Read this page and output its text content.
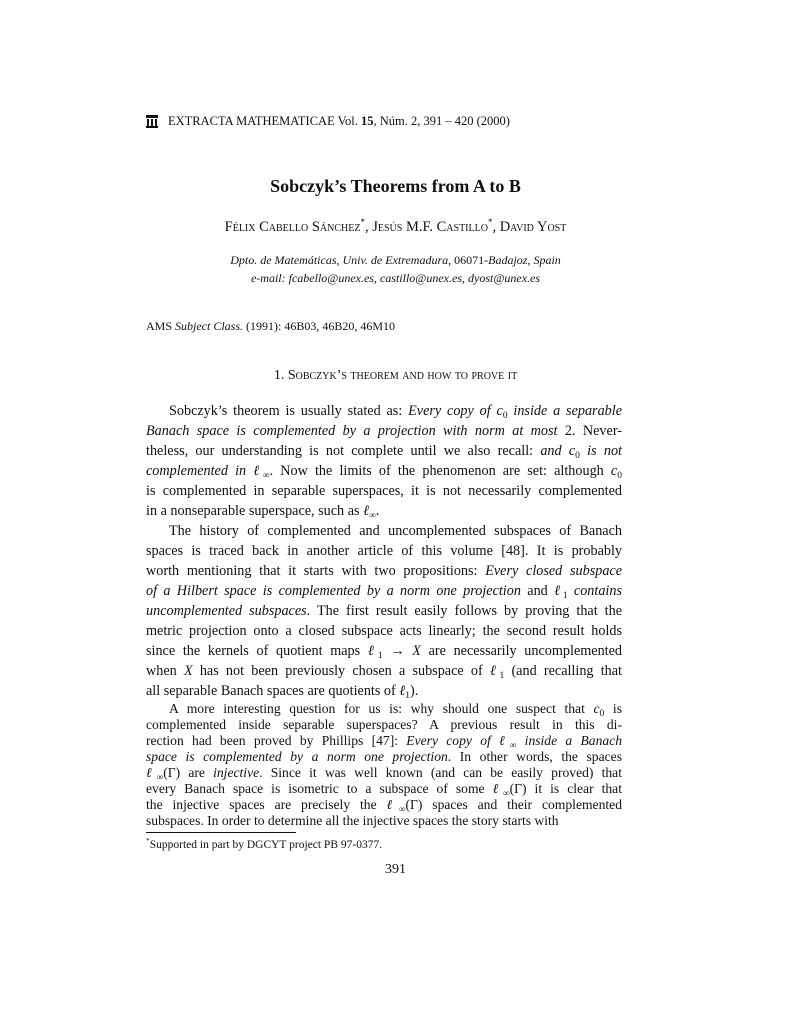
EXTRACTA MATHEMATICAE Vol.
15 , Núm. 2, 391 – 420 (2000)
Sobczyk’s Theorems from A to B
Félix Cabello Sánchez*, Jesús M.F. Castillo*, David Yost
Dpto. de Matemáticas, Univ. de Extremadura, 06071-Badajoz, Spain
e-mail: fcabello@unex.es, castillo@unex.es, dyost@unex.es
AMS Subject Class. (1991): 46B03, 46B20, 46M10
1. Sobczyk’s theorem and how to prove it
Sobczyk’s theorem is usually stated as: Every copy of $c_0$ inside a separable
Banach space is complemented by a projection with norm at most 2. Never-
theless, our understanding is not complete until we also recall: and $c_0$ is not
complemented in ℓ$_\infty$. Now the limits of the phenomenon are set: although $c_0$
is complemented in separable superspaces, it is not necessarily complemented
in a nonseparable superspace, such as ℓ$_\infty$.
The history of complemented and uncomplemented subspaces of Banach
spaces is traced back in another article of this volume [48]. It is probably
worth mentioning that it starts with two propositions: Every closed subspace
of a Hilbert space is complemented by a norm one projection and ℓ$_1$ contains
uncomplemented subspaces. The first result easily follows by proving that the
metric projection onto a closed subspace acts linearly; the second result holds
since the kernels of quotient maps ℓ$_1$ → X are necessarily uncomplemented
when X has not been previously chosen a subspace of ℓ$_1$ (and recalling that
all separable Banach spaces are quotients of ℓ$_1$).
A more interesting question for us is: why should one suspect that $c_0$ is
complemented inside separable superspaces? A previous result in this di-
rection had been proved by Phillips [47]: Every copy of ℓ$_\infty$ inside a Banach
space is complemented by a norm one projection. In other words, the spaces
ℓ$_\infty$(Γ) are injective. Since it was well known (and can be easily proved) that
every Banach space is isometric to a subspace of some ℓ$_\infty$(Γ) it is clear that
*Supported in part by DGCYT project PB 97-0377.
391
the injective spaces are precisely the ℓ$_\infty$(Γ) spaces and their complemented
subspaces. In order to determine all the injective spaces the story starts with
